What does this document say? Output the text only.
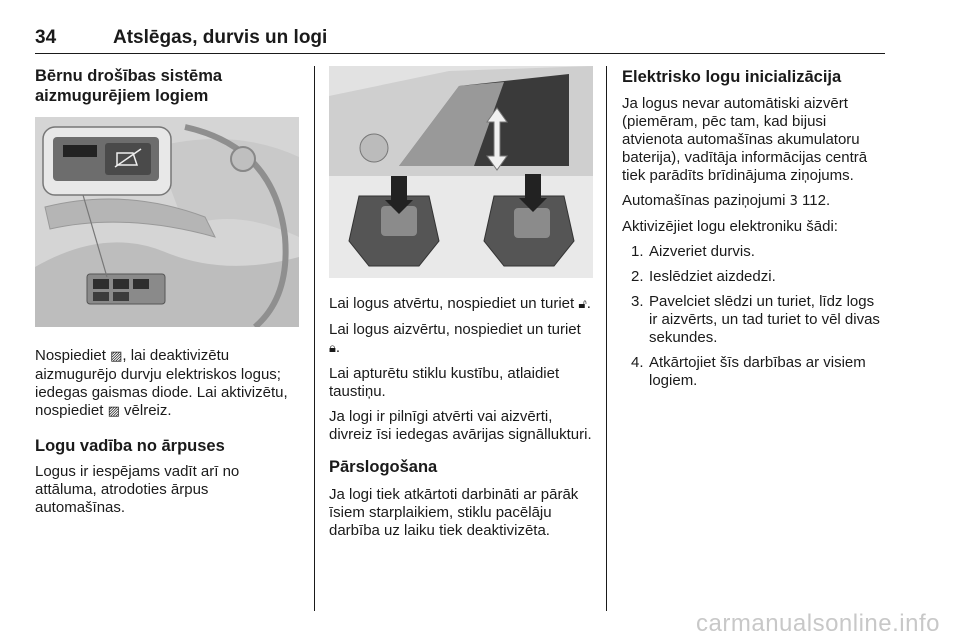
34	Atslēgas, durvis un logi
Bērnu drošības sistēma
aizmugurējiem logiem

Nospiediet ▨, lai deaktivizētu aizmugurējo durvju elektriskos logus; iedegas gaismas diode. Lai aktivizētu, nospiediet ▨ vēlreiz.

Logu vadība no ārpuses

Logus ir iespējams vadīt arī no attāluma, atrodoties ārpus automašīnas.

Lai logus atvērtu, nospiediet un turiet 🔓︎.

Lai logus aizvērtu, nospiediet un turiet 🔒︎.

Lai apturētu stiklu kustību, atlaidiet taustiņu.

Ja logi ir pilnīgi atvērti vai aizvērti, divreiz īsi iedegas avārijas signāllukturi.

Pārslogošana

Ja logi tiek atkārtoti darbināti ar pārāk īsiem starplaikiem, stiklu pacēlāju darbība uz laiku tiek deaktivizēta.

Elektrisko logu inicializācija

Ja logus nevar automātiski aizvērt (piemēram, pēc tam, kad bijusi atvienota automašīnas akumulatoru baterija), vadītāja informācijas centrā tiek parādīts brīdinājuma ziņojums.

Automašīnas paziņojumi 3 112.

Aktivizējiet logu elektroniku šādi:

1. Aizveriet durvis.
2. Ieslēdziet aizdedzi.
3. Pavelciet slēdzi un turiet, līdz logs ir aizvērts, un tad turiet to vēl divas sekundes.
4. Atkārtojiet šīs darbības ar visiem logiem.
carmanualsonline.info
